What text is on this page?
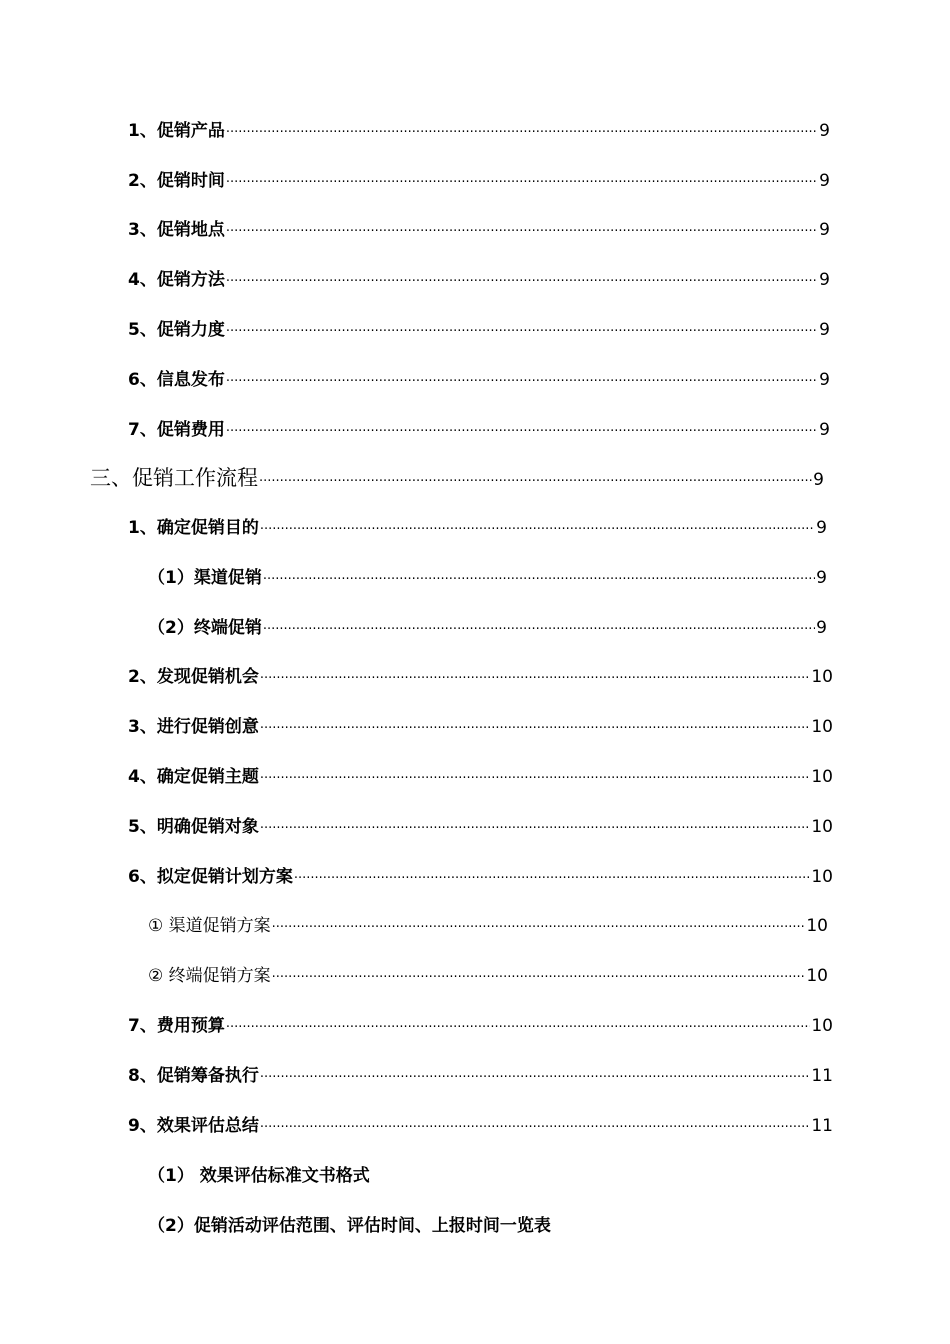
1、促销产品 ·····	9
2、促销时间 ·····	9
3、促销地点 ·····	9
4、促销方法 ·····	9
5、促销力度 ·····	9
6、信息发布 ·····	9
7、促销费用 ·····	9
三、促销工作流程 ·····	9
1、确定促销目的 ·····	9
（1）渠道促销 ·····	9
（2）终端促销 ·····	9
2、发现促销机会 ·····	10
3、进行促销创意 ·····	10
4、确定促销主题 ·····	10
5、明确促销对象 ·····	10
6、拟定促销计划方案 ·····	10
① 渠道促销方案 ·····	10
② 终端促销方案 ·····	10
7、费用预算 ·····	10
8、促销筹备执行 ·····	11
9、效果评估总结 ·····	11
（1） 效果评估标准文书格式
（2）促销活动评估范围、评估时间、上报时间一览表
